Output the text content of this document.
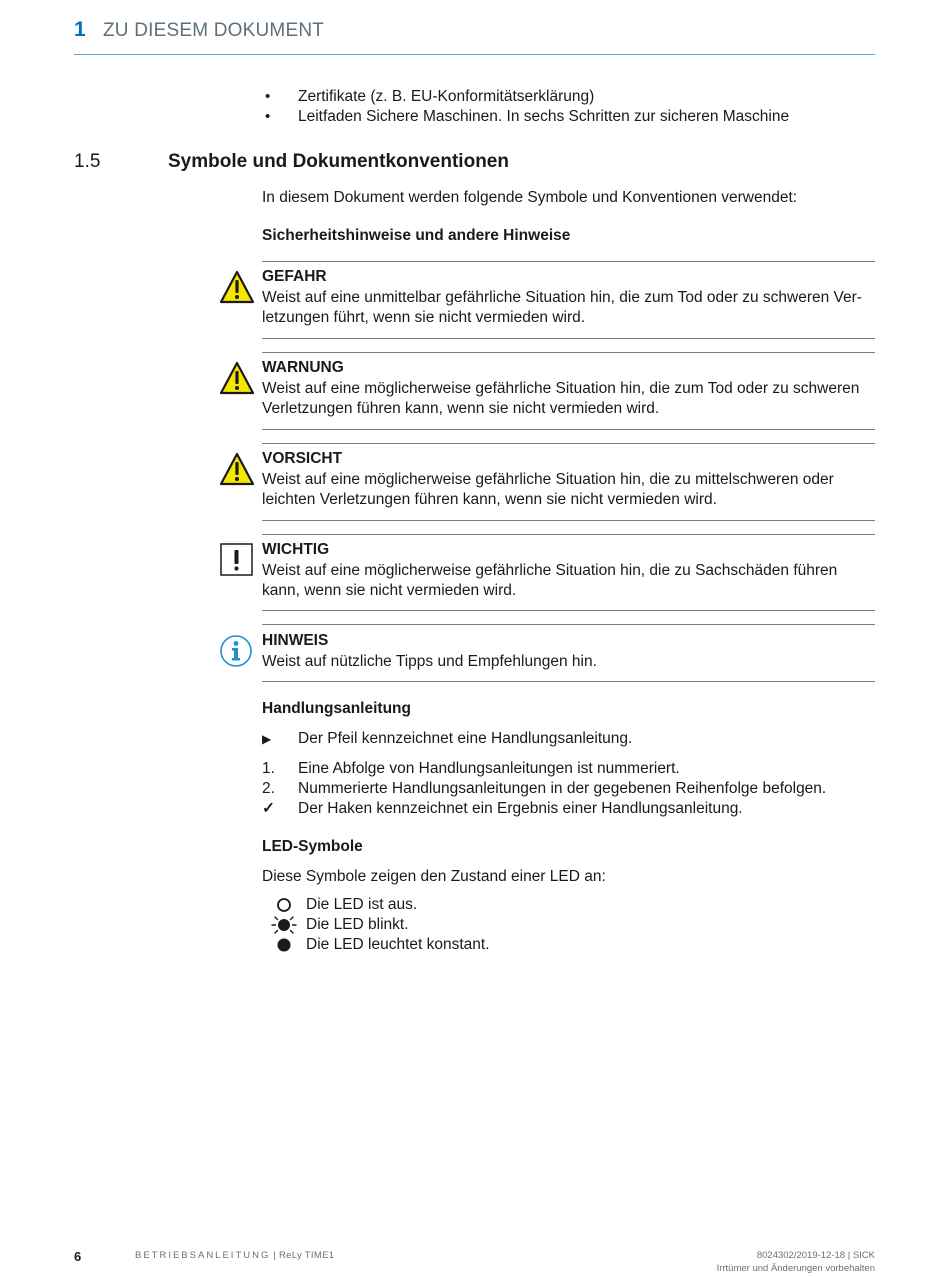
1 ZU DIESEM DOKUMENT
• Zertifikate (z. B. EU-Konformitätserklärung)
• Leitfaden Sichere Maschinen. In sechs Schritten zur sicheren Maschine
1.5	Symbole und Dokumentkonventionen
In diesem Dokument werden folgende Symbole und Konventionen verwendet:
Sicherheitshinweise und andere Hinweise
GEFAHR
Weist auf eine unmittelbar gefährliche Situation hin, die zum Tod oder zu schweren Ver-
letzungen führt, wenn sie nicht vermieden wird.
WARNUNG
Weist auf eine möglicherweise gefährliche Situation hin, die zum Tod oder zu schweren
Verletzungen führen kann, wenn sie nicht vermieden wird.
VORSICHT
Weist auf eine möglicherweise gefährliche Situation hin, die zu mittelschweren oder
leichten Verletzungen führen kann, wenn sie nicht vermieden wird.
WICHTIG
Weist auf eine möglicherweise gefährliche Situation hin, die zu Sachschäden führen
kann, wenn sie nicht vermieden wird.
HINWEIS
Weist auf nützliche Tipps und Empfehlungen hin.
Handlungsanleitung
▶ Der Pfeil kennzeichnet eine Handlungsanleitung.
1. Eine Abfolge von Handlungsanleitungen ist nummeriert.
2. Nummerierte Handlungsanleitungen in der gegebenen Reihenfolge befolgen.
✓ Der Haken kennzeichnet ein Ergebnis einer Handlungsanleitung.
LED-Symbole
Diese Symbole zeigen den Zustand einer LED an:
Die LED ist aus.
Die LED blinkt.
Die LED leuchtet konstant.
6	BETRIEBSANLEITUNG | ReLy TIME1	8024302/2019-12-18 | SICK
Irrtümer und Änderungen vorbehalten
